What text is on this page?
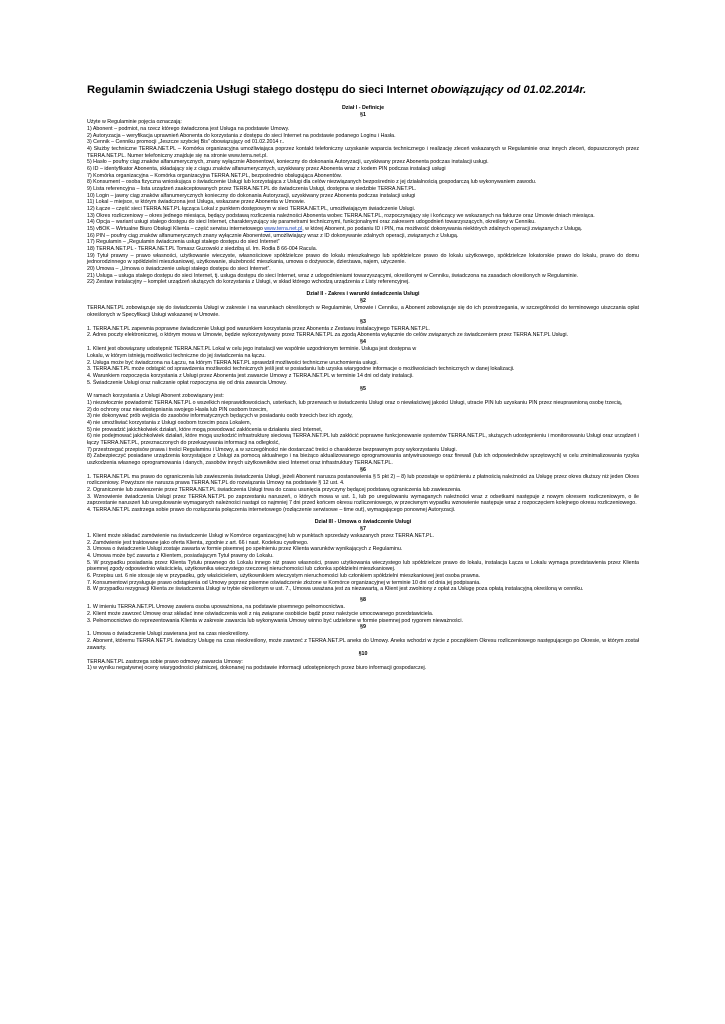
Regulamin świadczenia Usługi stałego dostępu do sieci Internet obowiązujący od 01.02.2014r.
Dział I - Definicje
§1

Użyte w Regulaminie pojęcia oznaczają:

1) Abonent – podmiot, na rzecz którego świadczona jest Usługa na podstawie Umowy.

2) Autoryzacja – weryfikacja uprawnień Abonenta do korzystania z dostępu do sieci Internet na podstawie podanego Loginu i Hasła.

3) Cennik – Cenniku promocji „Jeszcze szybciej Bis” obowiązujący od 01.02.2014 r..

4) Służby techniczne TERRA.NET.PL – Komórka organizacyjna umożliwiająca poprzez kontakt telefoniczny uzyskanie wsparcia technicznego i realizację zleceń wskazanych w Regulaminie oraz innych zleceń, dopuszczonych przez TERRA.NET.PL. Numer telefoniczny znajduje się na stronie www.terra.net.pl.

5) Hasło – poufny ciąg znaków alfanumerycznych, znany wyłącznie Abonentowi, konieczny do dokonania Autoryzacji, uzyskiwany przez Abonenta podczas instalacji usługi.

6) ID – identyfikator Abonenta, składający się z ciągu znaków alfanumerycznych, uzyskiwany przez Abonenta wraz z kodem PIN podczas instalacji usługi

7) Komórka organizacyjna – Komórka organizacyjna TERRA.NET.PL, bezpośrednio obsługująca Abonentów.

8) Konsument – osoba fizyczna wnioskująca o świadczenie Usługi lub korzystająca z Usługi dla celów niezwiązanych bezpośrednio z jej działalnością gospodarczą lub wykonywaniem zawodu.

9) Lista referencyjna – lista urządzeń zaakceptowanych przez TERRA.NET.PL do świadczenia Usługi, dostępna w siedzibie TERRA.NET.PL.

10) Login – jawny ciąg znaków alfanumerycznych konieczny do dokonania Autoryzacji, uzyskiwany przez Abonenta podczas instalacji usługi

11) Lokal – miejsce, w którym świadczona jest Usługa, wskazane przez Abonenta w Umowie.

12) Łącze – część sieci TERRA.NET.PL łącząca Lokal z punktem dostępowym w sieci TERRA.NET.PL, umożliwiającym świadczenie Usługi.

13) Okres rozliczeniowy – okres jednego miesiąca, będący podstawą rozliczenia należności Abonenta wobec TERRA.NET.PL, rozpoczynający się i kończący we wskazanych na fakturze oraz Umowie dniach miesiąca.

14) Opcja – wariant usługi stałego dostępu do sieci Internet, charakteryzujący się parametrami technicznymi, funkcjonalnymi oraz zakresem udogodnień towarzyszących, określony w Cenniku.

15) vBOK – Wirtualne Biuro Obsługi Klienta – część serwisu internetowego www.terra.net.pl, w której Abonent, po podaniu ID i PIN, ma możliwość dokonywania niektórych zdalnych operacji związanych z Usługą.

16) PIN – poufny ciąg znaków alfanumerycznych znany wyłącznie Abonentowi, umożliwiający wraz z ID dokonywanie zdalnych operacji, związanych z Usługą.

17) Regulamin – „Regulamin świadczenia usługi stałego dostępu do sieci Internet”

18) TERRA.NET.PL - TERRA.NET.PL Tomasz Guzowski z siedzibą ul. Im. Rodła 8 66-004 Racula.

19) Tytuł prawny – prawo własności, użytkowanie wieczyste, własnościowe spółdzielcze prawo do lokalu mieszkalnego lub spółdzielcze prawo do lokalu użytkowego, spółdzielcze lokatorskie prawo do lokalu, prawo do domu jednorodzinnego w spółdzielni mieszkaniowej, użytkowanie, służebność mieszkania, umowa o dożywocie, dzierżawa, najem, użyczenie.

20) Umowa – „Umowa o świadczenie usługi stałego dostępu do sieci Internet”.

21) Usługa – usługa stałego dostępu do sieci Internet, tj. usługa dostępu do sieci Internet, wraz z udogodnieniami towarzyszącymi, określonymi w Cenniku, świadczona na zasadach określonych w Regulaminie.

22) Zestaw instalacyjny – komplet urządzeń służących do korzystania z Usługi, w skład którego wchodzą urządzenia z Listy referencyjnej.

Dział II - Zakres i warunki świadczenia Usługi
§2

TERRA.NET.PL zobowiązuje się do świadczenia Usługi w zakresie i na warunkach określonych w Regulaminie, Umowie i Cenniku, a Abonent zobowiązuje się do ich przestrzegania, w szczególności do terminowego uiszczania opłat określonych w Specyfikacji Usługi wskazanej w Umowie.

§3

1. TERRA.NET.PL zapewnia poprawne świadczenie Usługi pod warunkiem korzystania przez Abonenta z Zestawu instalacyjnego TERRA.NET.PL.

2. Adres poczty elektronicznej, o którym mowa w Umowie, będzie wykorzystywany przez TERRA.NET.PL za zgodą Abonenta wyłącznie do celów związanych ze świadczeniem przez TERRA.NET.PL Usługi.

§4

1. Klient jest obowiązany udostępnić TERRA.NET.PL Lokal w celu jego instalacji we wspólnie uzgodnionym terminie. Usługa jest dostępna w

Lokalu, w którym istnieją możliwości techniczne do jej świadczenia na łączu.

2. Usługa może być świadczona na Łączu, na którym TERRA.NET.PL sprawdził możliwości techniczne uruchomienia usługi.

3. TERRA.NET.PL może odstąpić od sprawdzenia możliwości technicznych jeśli jest w posiadaniu lub uzyska wiarygodne informacje o możliwościach technicznych w danej lokalizacji.

4. Warunkiem rozpoczęcia korzystania z Usługi przez Abonenta jest zawarcie Umowy z TERRA.NET.PL w terminie 14 dni od daty instalacji.

5. Świadczenie Usługi oraz naliczanie opłat rozpoczyna się od dnia zawarcia Umowy.

§5

W ramach korzystania z Usługi Abonent zobowiązany jest:

1) niezwłocznie powiadomić TERRA.NET.PL o wszelkich nieprawidłowościach, usterkach, lub przerwach w świadczeniu Usługi oraz o niewłaściwej jakości Usługi, utracie PIN lub uzyskaniu PIN przez nieuprawnioną osobę trzecią,

2) do ochrony oraz nieudostępniania swojego Hasła lub PIN osobom trzecim,

3) nie dokonywać prób wejścia do zasobów informatycznych będących w posiadaniu osób trzecich bez ich zgody,

4) nie umożliwiać korzystania z Usługi osobom trzecim poza Lokalem,

5) nie prowadzić jakichkolwiek działań, które mogą powodować zakłócenia w działaniu sieci Internet,

6) nie podejmować jakichkolwiek działań, które mogą uszkodzić infrastrukturę sieciową TERRA.NET.PL lub zakłócić poprawne funkcjonowanie systemów TERRA.NET.PL, służących udostępnieniu i monitorowaniu Usługi oraz urządzeń i łączy TERRA.NET.PL, przeznaczonych do przekazywania informacji na odległość,

7) przestrzegać przepisów prawa i treści Regulaminu i Umowy, a w szczególności nie dostarczać treści o charakterze bezprawnym przy wykorzystaniu Usługi.

8) Zabezpieczyć posiadane urządzenia korzystające z Usługi za pomocą aktualnego i na bieżąco aktualizowanego oprogramowania antywirusowego oraz firewall (lub ich odpowiedników sprzętowych) w celu zminimalizowania ryzyka uszkodzenia własnego oprogramowania i danych, zasobów innych użytkowników sieci Internet oraz infrastruktury TERRA.NET.PL.

§6

1. TERRA.NET.PL ma prawo do ograniczenia lub zawieszenia świadczenia Usługi, jeżeli Abonent narusza postanowienia § 5 pkt 2) – 8) lub pozostaje w opóźnieniu z płatnością należności za Usługę przez okres dłuższy niż jeden Okres rozliczeniowy. Powyższe nie narusza prawa TERRA.NET.PL do rozwiązania Umowy na podstawie § 12 ust. 4.

2. Ograniczenie lub zawieszenie przez TERRA.NET.PL świadczenia Usługi trwa do czasu usunięcia przyczyny będącej podstawą ograniczenia lub zawieszenia.

3. Wznowienie świadczenia Usługi przez TERRA.NET.PL po zaprzestaniu naruszeń, o których mowa w ust. 1, lub po uregulowaniu wymaganych należności wraz z odsetkami następuje z nowym okresem rozliczeniowym, o ile zaprzestanie naruszeń lub uregulowanie wymaganych należności nastąpi co najmniej 7 dni przed końcem okresu rozliczeniowego, w przeciwnym wypadku wznowienie następuje wraz z rozpoczęciem kolejnego okresu rozliczeniowego.

4. TERRA.NET.PL zastrzega sobie prawo do rozłączania połączenia internetowego (rozłączenie serwisowe – time out), wymagającego ponownej Autoryzacji.

Dział III - Umowa o świadczenie Usługi
§7

1. Klient może składać zamówienie na świadczenie Usługi w Komórce organizacyjnej lub w punktach sprzedaży wskazanych przez TERRA.NET.PL.

2. Zamówienie jest traktowane jako oferta Klienta, zgodnie z art. 66 i nast. Kodeksu cywilnego.

3. Umowa o świadczenie Usługi zostaje zawarta w formie pisemnej po spełnieniu przez Klienta warunków wynikających z Regulaminu.

4. Umowa może być zawarta z Klientem, posiadającym Tytuł prawny do Lokalu.

5. W przypadku posiadania przez Klienta Tytułu prawnego do Lokalu innego niż prawo własności, prawo użytkowania wieczystego lub spółdzielcze prawo do lokalu, instalacja Łącza w Lokalu wymaga przedstawienia przez Klienta pisemnej zgody odpowiednio właściciela, użytkownika wieczystego rzeczonej nieruchomości lub członka spółdzielni mieszkaniowej.

6. Przepisu ust. 6 nie stosuje się w przypadku, gdy właścicielem, użytkownikiem wieczystym nieruchomości lub członkiem spółdzielni mieszkaniowej jest osoba prawna.

7. Konsumentowi przysługuje prawo odstąpienia od Umowy poprzez pisemne oświadczenie złożone w Komórce organizacyjnej w terminie 10 dni od dnia jej podpisania.

8. W przypadku rezygnacji Klienta ze świadczenia Usługi w trybie określonym w ust. 7., Umowa uważana jest za niezawartą, a Klient jest zwolniony z opłat za Usługę poza opłatą instalacyjną określoną w cenniku.

§8

1. W imieniu TERRA.NET.PL Umowę zawiera osoba upoważniona, na podstawie pisemnego pełnomocnictwa.

2. Klient może zawrzeć Umowę oraz składać inne oświadczenia woli z nią związane osobiście bądź przez należycie umocowanego przedstawiciela.

3. Pełnomocnictwo do reprezentowania Klienta w zakresie zawarcia lub wykonywania Umowy winno być udzielone w formie pisemnej pod rygorem nieważności.

§9

1. Umowa o świadczenie Usługi zawierana jest na czas nieokreślony.

2. Abonent, któremu TERRA.NET.PL świadczy Usługę na czas nieokreślony, może zawrzeć z TERRA.NET.PL aneks do Umowy. Aneks wchodzi w życie z początkiem Okresu rozliczeniowego następującego po Okresie, w którym został zawarty.

§10

TERRA.NET.PL zastrzega sobie prawo odmowy zawarcia Umowy:

1) w wyniku negatywnej oceny wiarygodności płatniczej, dokonanej na podstawie informacji udostępnionych przez biuro informacji gospodarczej.
